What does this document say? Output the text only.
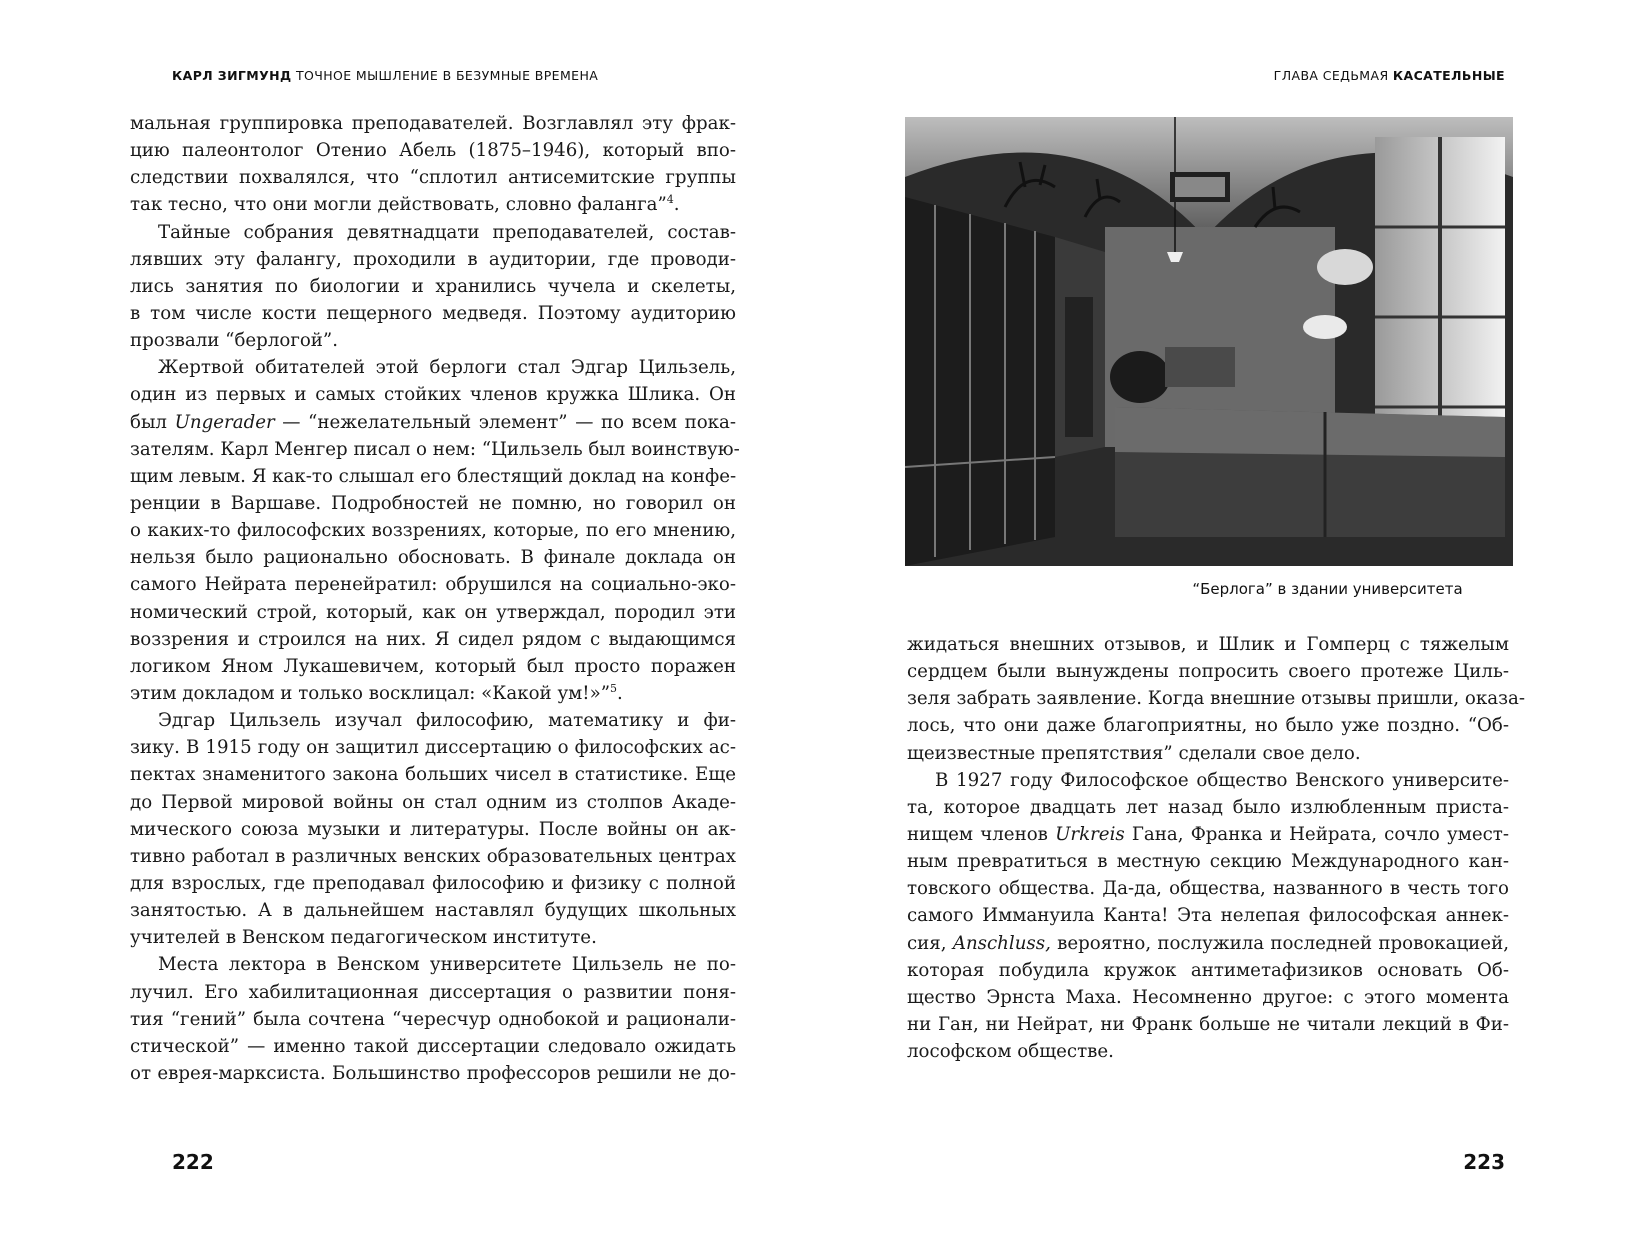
КАРЛ ЗИГМУНД ТОЧНОЕ МЫШЛЕНИЕ В БЕЗУМНЫЕ ВРЕМЕНА
мальная группировка преподавателей. Возглавлял эту фрак-
цию палеонтолог Отенио Абель (1875–1946), который впо-
следствии похвалялся, что “сплотил антисемитские группы
так тесно, что они могли действовать, словно фаланга”$^4$.
Тайные собрания девятнадцати преподавателей, состав-
лявших эту фалангу, проходили в аудитории, где проводи-
лись занятия по биологии и хранились чучела и скелеты,
в том числе кости пещерного медведя. Поэтому аудиторию
прозвали “берлогой”.
Жертвой обитателей этой берлоги стал Эдгар Цильзель,
один из первых и самых стойких членов кружка Шлика. Он
был Ungerader — “нежелательный элемент” — по всем пока-
зателям. Карл Менгер писал о нем: “Цильзель был воинствую-
щим левым. Я как-то слышал его блестящий доклад на конфе-
ренции в Варшаве. Подробностей не помню, но говорил он
о каких-то философских воззрениях, которые, по его мнению,
нельзя было рационально обосновать. В финале доклада он
самого Нейрата перенейратил: обрушился на социально-эко-
номический строй, который, как он утверждал, породил эти
воззрения и строился на них. Я сидел рядом с выдающимся
логиком Яном Лукашевичем, который был просто поражен
этим докладом и только восклицал: «Какой ум!»”$^5$.
Эдгар Цильзель изучал философию, математику и фи-
зику. В 1915 году он защитил диссертацию о философских ас-
пектах знаменитого закона больших чисел в статистике. Еще
до Первой мировой войны он стал одним из столпов Акаде-
мического союза музыки и литературы. После войны он ак-
тивно работал в различных венских образовательных центрах
для взрослых, где преподавал философию и физику с полной
занятостью. А в дальнейшем наставлял будущих школьных
учителей в Венском педагогическом институте.
Места лектора в Венском университете Цильзель не по-
лучил. Его хабилитационная диссертация о развитии поня-
тия “гений” была сочтена “чересчур однобокой и рационали-
стической” — именно такой диссертации следовало ожидать
от еврея-марксиста. Большинство профессоров решили не до-
222
ГЛАВА СЕДЬМАЯ КАСАТЕЛЬНЫЕ
“Берлога” в здании университета
жидаться внешних отзывов, и Шлик и Гомперц с тяжелым
сердцем были вынуждены попросить своего протеже Циль-
зеля забрать заявление. Когда внешние отзывы пришли, оказа-
лось, что они даже благоприятны, но было уже поздно. “Об-
щеизвестные препятствия” сделали свое дело.
В 1927 году Философское общество Венского университе-
та, которое двадцать лет назад было излюбленным приста-
нищем членов Urkreis Гана, Франка и Нейрата, сочло умест-
ным превратиться в местную секцию Международного кан-
товского общества. Да-да, общества, названного в честь того
самого Иммануила Канта! Эта нелепая философская аннек-
сия, Anschluss, вероятно, послужила последней провокацией,
которая побудила кружок антиметафизиков основать Об-
щество Эрнста Маха. Несомненно другое: с этого момента
ни Ган, ни Нейрат, ни Франк больше не читали лекций в Фи-
лософском обществе.
223
